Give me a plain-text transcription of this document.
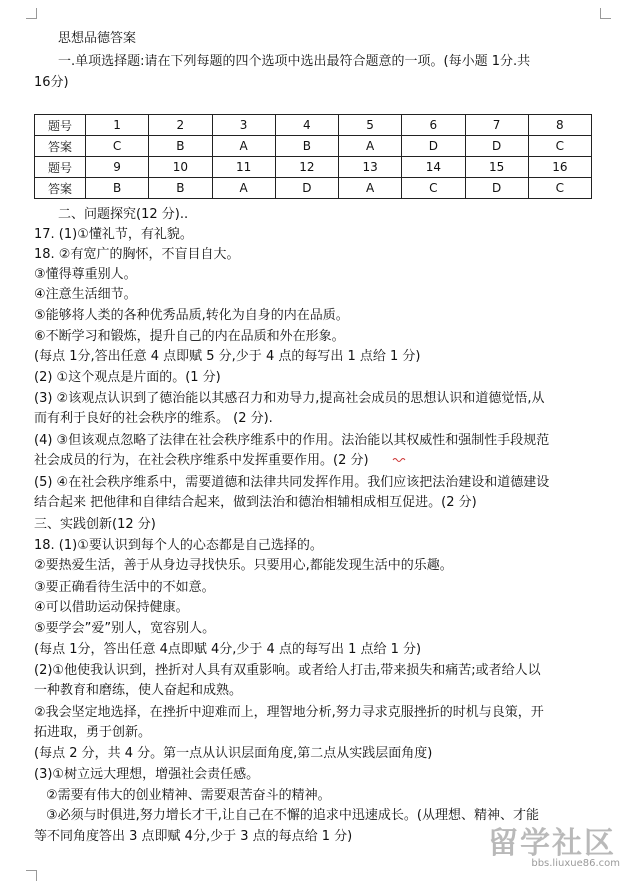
思想品德答案
一.单项选择题:请在下列每题的四个选项中选出最符合题意的一项。(每小题 1分.共
16分)
题号	1	2	3	4	5	6	7	8
答案	C	B	A	B	A	D	D	C
题号	9	10	11	12	13	14	15	16
答案	B	B	A	D	A	C	D	C
二、问题探究(12 分)..
17. (1)①懂礼节，有礼貌。
18. ②有宽广的胸怀，不盲目自大。
③懂得尊重别人。
④注意生活细节。
⑤能够将人类的各种优秀品质,转化为自身的内在品质。
⑥不断学习和锻炼，提升自己的内在品质和外在形象。
(每点 1分,答出任意 4 点即赋 5 分,少于 4 点的每写出 1 点给 1 分)
(2) ①这个观点是片面的。(1 分)
(3) ②该观点认识到了德治能以其感召力和劝导力,提高社会成员的思想认识和道德觉悟,从
而有利于良好的社会秩序的维系。 (2 分).
(4) ③但该观点忽略了法律在社会秩序维系中的作用。法治能以其权威性和强制性手段规范
社会成员的行为，在社会秩序维系中发挥重要作用。(2 分)
(5) ④在社会秩序维系中，需要道德和法律共同发挥作用。我们应该把法治建设和道德建设
结合起来 把他律和自律结合起来，做到法治和德治相辅相成相互促进。(2 分)
三、实践创新(12 分)
18. (1)①要认识到每个人的心态都是自己选择的。
②要热爱生活，善于从身边寻找快乐。只要用心,都能发现生活中的乐趣。
③要正确看待生活中的不如意。
④可以借助运动保持健康。
⑤要学会”爱”别人，宽容别人。
(每点 1分，答出任意 4点即赋 4分,少于 4 点的每写出 1 点给 1 分)
(2)①他使我认识到，挫折对人具有双重影响。或者给人打击,带来损失和痛苦;或者给人以
一种教育和磨练，使人奋起和成熟。
②我会坚定地选择，在挫折中迎难而上，理智地分析,努力寻求克服挫折的时机与良策，开
拓进取，勇于创新。
(每点 2 分，共 4 分。第一点从认识层面角度,第二点从实践层面角度)
(3)①树立远大理想，增强社会责任感。
②需要有伟大的创业精神、需要艰苦奋斗的精神。
③必须与时俱进,努力增长才干,让自己在不懈的追求中迅速成长。(从理想、精神、才能
等不同角度答出 3 点即赋 4分,少于 3 点的每点给 1 分)	留学社区
bbs.liuxue86.com
